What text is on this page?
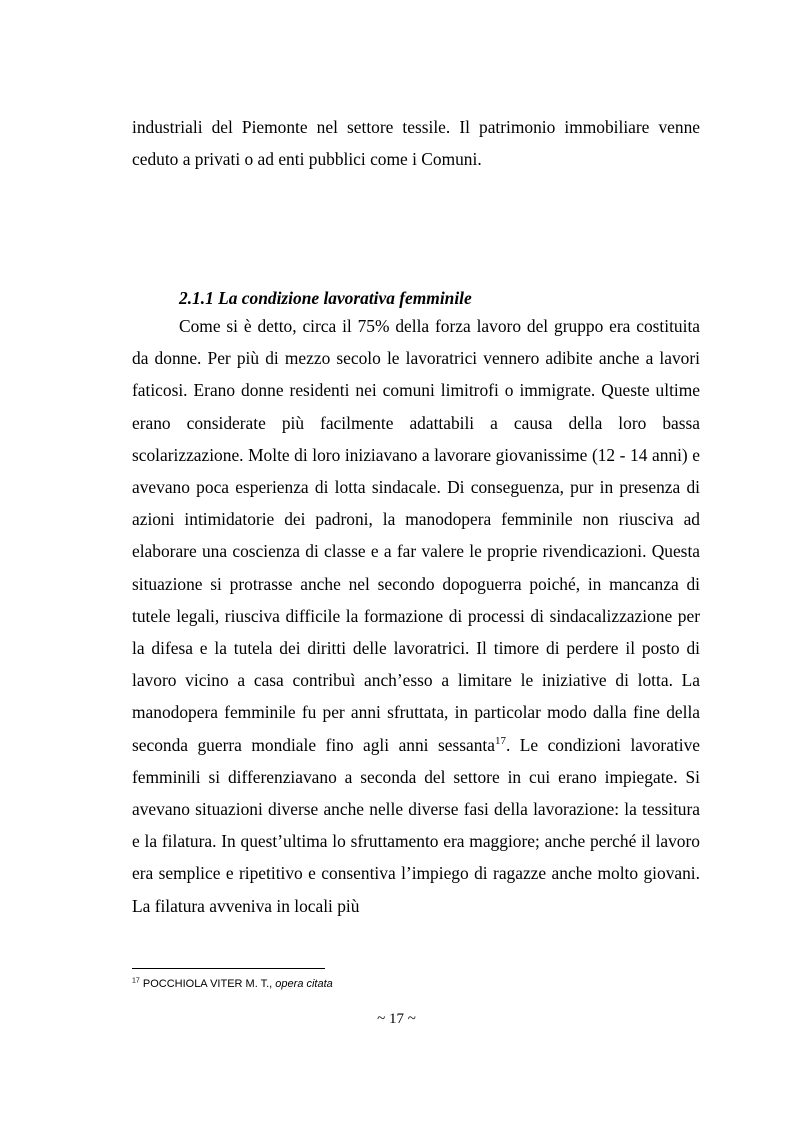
industriali del Piemonte nel settore tessile. Il patrimonio immobiliare venne ceduto a privati o ad enti pubblici come i Comuni.

2.1.1 La condizione lavorativa femminile

Come si è detto, circa il 75% della forza lavoro del gruppo era costituita da donne. Per più di mezzo secolo le lavoratrici vennero adibite anche a lavori faticosi. Erano donne residenti nei comuni limitrofi o immigrate. Queste ultime erano considerate più facilmente adattabili a causa della loro bassa scolarizzazione. Molte di loro iniziavano a lavorare giovanissime (12 - 14 anni) e avevano poca esperienza di lotta sindacale. Di conseguenza, pur in presenza di azioni intimidatorie dei padroni, la manodopera femminile non riusciva ad elaborare una coscienza di classe e a far valere le proprie rivendicazioni. Questa situazione si protrasse anche nel secondo dopoguerra poiché, in mancanza di tutele legali, riusciva difficile la formazione di processi di sindacalizzazione per la difesa e la tutela dei diritti delle lavoratrici. Il timore di perdere il posto di lavoro vicino a casa contribuì anch’esso a limitare le iniziative di lotta. La manodopera femminile fu per anni sfruttata, in particolar modo dalla fine della seconda guerra mondiale fino agli anni sessanta$^{17}$. Le condizioni lavorative femminili si differenziavano a seconda del settore in cui erano impiegate. Si avevano situazioni diverse anche nelle diverse fasi della lavorazione: la tessitura e la filatura. In quest’ultima lo sfruttamento era maggiore; anche perché il lavoro era semplice e ripetitivo e consentiva l’impiego di ragazze anche molto giovani. La filatura avveniva in locali più

$^{17}$ POCCHIOLA VITER M. T., opera citata

~ 17 ~
